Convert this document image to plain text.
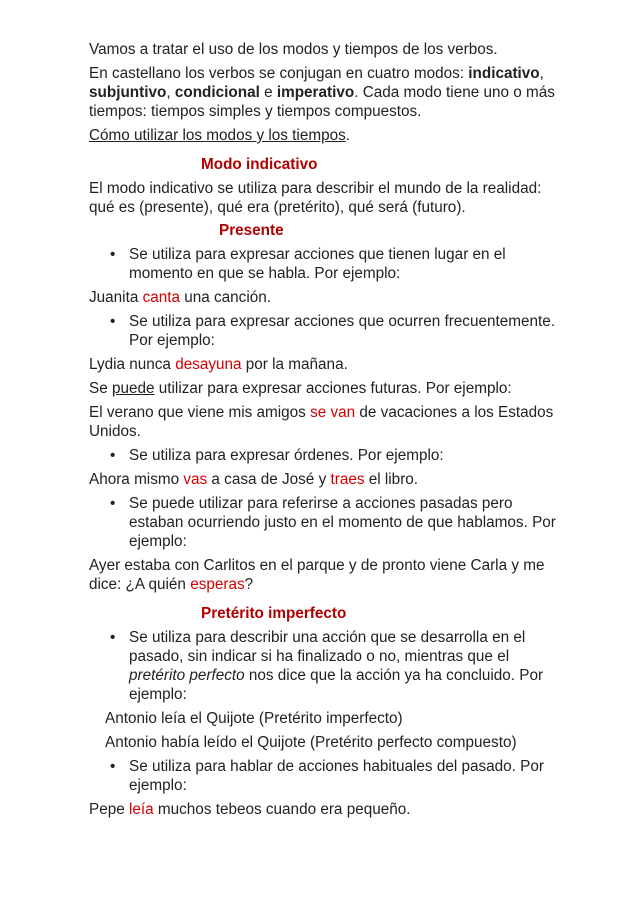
Vamos a tratar el uso de los modos y tiempos de los verbos.

En castellano los verbos se conjugan en cuatro modos: indicativo, subjuntivo, condicional e imperativo. Cada modo tiene uno o más tiempos: tiempos simples y tiempos compuestos.

Cómo utilizar los modos y los tiempos.

Modo indicativo

El modo indicativo se utiliza para describir el mundo de la realidad: qué es (presente), qué era (pretérito), qué será (futuro).

Presente

• Se utiliza para expresar acciones que tienen lugar en el momento en que se habla. Por ejemplo:

Juanita canta una canción.

• Se utiliza para expresar acciones que ocurren frecuentemente. Por ejemplo:

Lydia nunca desayuna por la mañana.

Se puede utilizar para expresar acciones futuras. Por ejemplo:

El verano que viene mis amigos se van de vacaciones a los Estados Unidos.

• Se utiliza para expresar órdenes. Por ejemplo:

Ahora mismo vas a casa de José y traes el libro.

• Se puede utilizar para referirse a acciones pasadas pero estaban ocurriendo justo en el momento de que hablamos. Por ejemplo:

Ayer estaba con Carlitos en el parque y de pronto viene Carla y me dice: ¿A quién esperas?

Pretérito imperfecto

• Se utiliza para describir una acción que se desarrolla en el pasado, sin indicar si ha finalizado o no, mientras que el pretérito perfecto nos dice que la acción ya ha concluido. Por ejemplo:

Antonio leía el Quijote (Pretérito imperfecto)

Antonio había leído el Quijote (Pretérito perfecto compuesto)

• Se utiliza para hablar de acciones habituales del pasado. Por ejemplo:

Pepe leía muchos tebeos cuando era pequeño.
